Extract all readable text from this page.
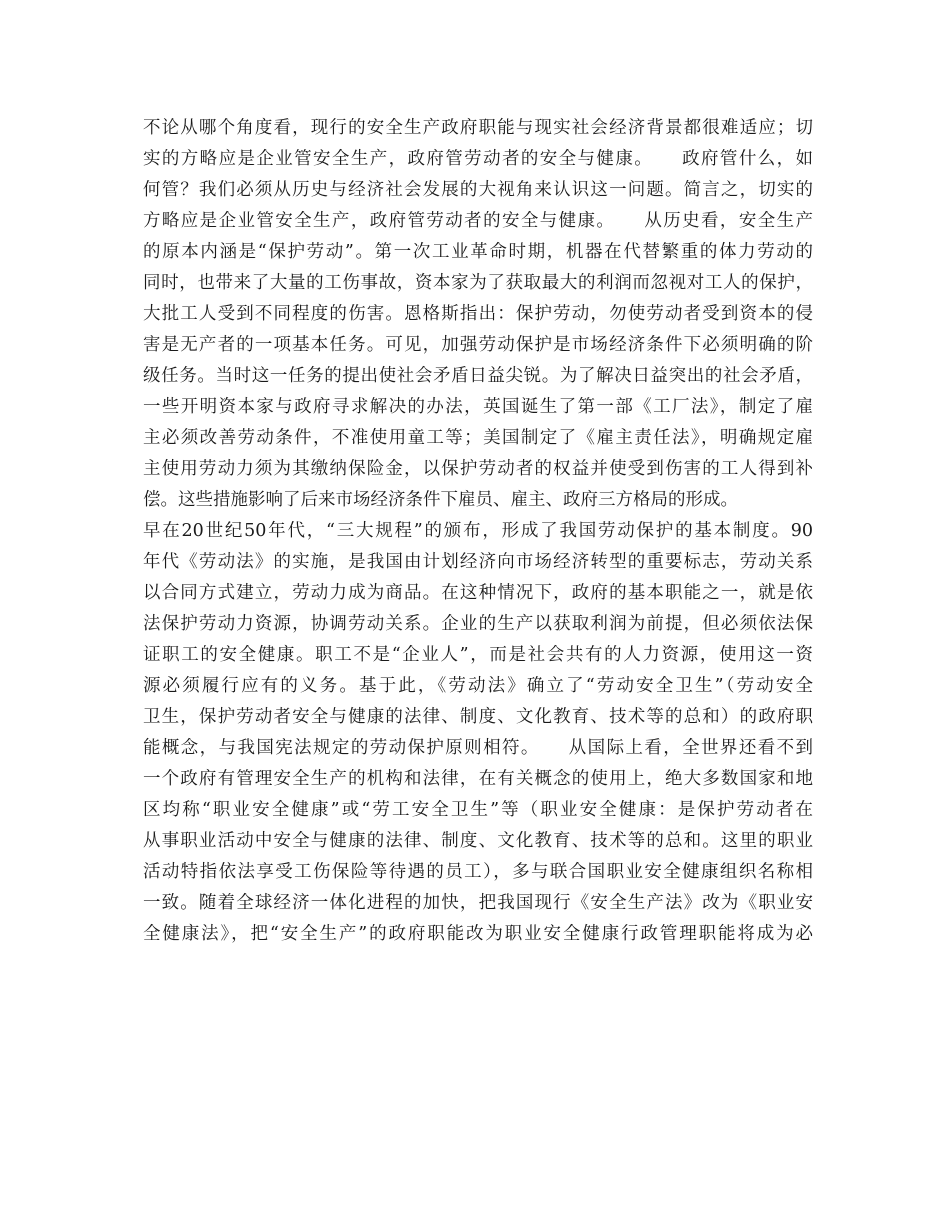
不论从哪个角度看，现行的安全生产政府职能与现实社会经济背景都很难适应；切
实的方略应是企业管安全生产，政府管劳动者的安全与健康。　　政府管什么，如
何管？我们必须从历史与经济社会发展的大视角来认识这一问题。简言之，切实的
方略应是企业管安全生产，政府管劳动者的安全与健康。　　从历史看，安全生产
的原本内涵是“保护劳动”。第一次工业革命时期，机器在代替繁重的体力劳动的
同时，也带来了大量的工伤事故，资本家为了获取最大的利润而忽视对工人的保护，
大批工人受到不同程度的伤害。恩格斯指出：保护劳动，勿使劳动者受到资本的侵
害是无产者的一项基本任务。可见，加强劳动保护是市场经济条件下必须明确的阶
级任务。当时这一任务的提出使社会矛盾日益尖锐。为了解决日益突出的社会矛盾，
一些开明资本家与政府寻求解决的办法，英国诞生了第一部《工厂法》，制定了雇
主必须改善劳动条件，不准使用童工等；美国制定了《雇主责任法》，明确规定雇
主使用劳动力须为其缴纳保险金，以保护劳动者的权益并使受到伤害的工人得到补
偿。这些措施影响了后来市场经济条件下雇员、雇主、政府三方格局的形成。
早在20世纪50年代，“三大规程”的颁布，形成了我国劳动保护的基本制度。90
年代《劳动法》的实施，是我国由计划经济向市场经济转型的重要标志，劳动关系
以合同方式建立，劳动力成为商品。在这种情况下，政府的基本职能之一，就是依
法保护劳动力资源，协调劳动关系。企业的生产以获取利润为前提，但必须依法保
证职工的安全健康。职工不是“企业人”，而是社会共有的人力资源，使用这一资
源必须履行应有的义务。基于此，《劳动法》确立了“劳动安全卫生”（劳动安全
卫生，保护劳动者安全与健康的法律、制度、文化教育、技术等的总和）的政府职
能概念，与我国宪法规定的劳动保护原则相符。　　从国际上看，全世界还看不到
一个政府有管理安全生产的机构和法律，在有关概念的使用上，绝大多数国家和地
区均称“职业安全健康”或“劳工安全卫生”等（职业安全健康：是保护劳动者在
从事职业活动中安全与健康的法律、制度、文化教育、技术等的总和。这里的职业
活动特指依法享受工伤保险等待遇的员工），多与联合国职业安全健康组织名称相
一致。随着全球经济一体化进程的加快，把我国现行《安全生产法》改为《职业安
全健康法》，把“安全生产”的政府职能改为职业安全健康行政管理职能将成为必
